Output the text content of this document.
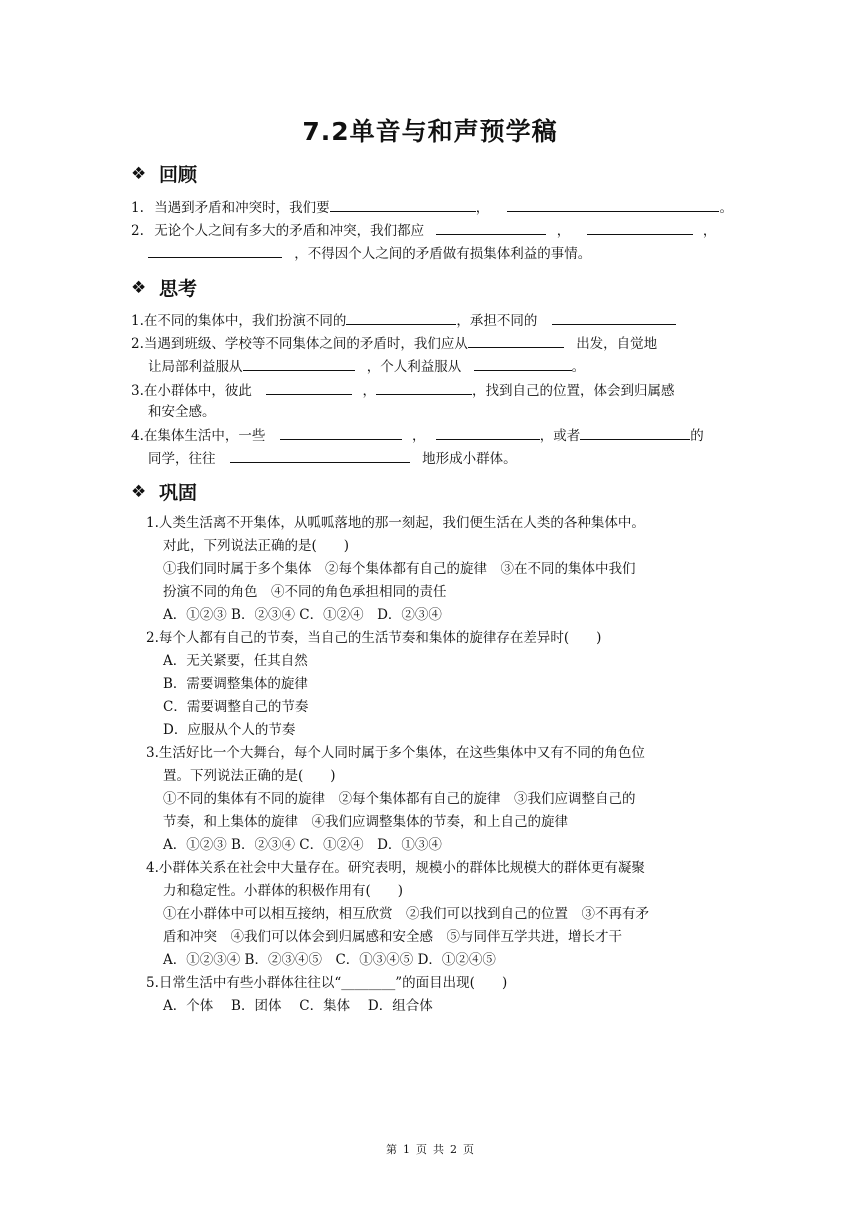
7.2单音与和声预学稿
❖ 回顾
1. 当遇到矛盾和冲突时，我们要	，	。
2. 无论个人之间有多大的矛盾和冲突，我们都应	，	，
，不得因个人之间的矛盾做有损集体利益的事情。
❖ 思考
1.在不同的集体中，我们扮演不同的	，承担不同的
2.当遇到班级、学校等不同集体之间的矛盾时，我们应从	出发，自觉地
让局部利益服从	，个人利益服从	。
3.在小群体中，彼此	，	，找到自己的位置，体会到归属感
和安全感。
4.在集体生活中，一些	，	，或者	的
同学，往往	地形成小群体。
❖ 巩固
1.人类生活离不开集体，从呱呱落地的那一刻起，我们便生活在人类的各种集体中。
对此，下列说法正确的是(　　)
①我们同时属于多个集体　②每个集体都有自己的旋律　③在不同的集体中我们
扮演不同的角色　④不同的角色承担相同的责任
A．①②③ B．②③④ C．①②④　D．②③④
2.每个人都有自己的节奏，当自己的生活节奏和集体的旋律存在差异时(　　)
A．无关紧要，任其自然
B．需要调整集体的旋律
C．需要调整自己的节奏
D．应服从个人的节奏
3.生活好比一个大舞台，每个人同时属于多个集体，在这些集体中又有不同的角色位
置。下列说法正确的是(　　)
①不同的集体有不同的旋律　②每个集体都有自己的旋律　③我们应调整自己的
节奏，和上集体的旋律　④我们应调整集体的节奏，和上自己的旋律
A．①②③ B．②③④ C．①②④　D．①③④
4.小群体关系在社会中大量存在。研究表明，规模小的群体比规模大的群体更有凝聚
力和稳定性。小群体的积极作用有(　　)
①在小群体中可以相互接纳，相互欣赏　②我们可以找到自己的位置　③不再有矛
盾和冲突　④我们可以体会到归属感和安全感　⑤与同伴互学共进，增长才干
A．①②③④ B．②③④⑤　C．①③④⑤ D．①②④⑤
5.日常生活中有些小群体往往以“________”的面目出现(　　)
A．个体　 B．团体　 C．集体　 D．组合体
第 1 页 共 2 页
